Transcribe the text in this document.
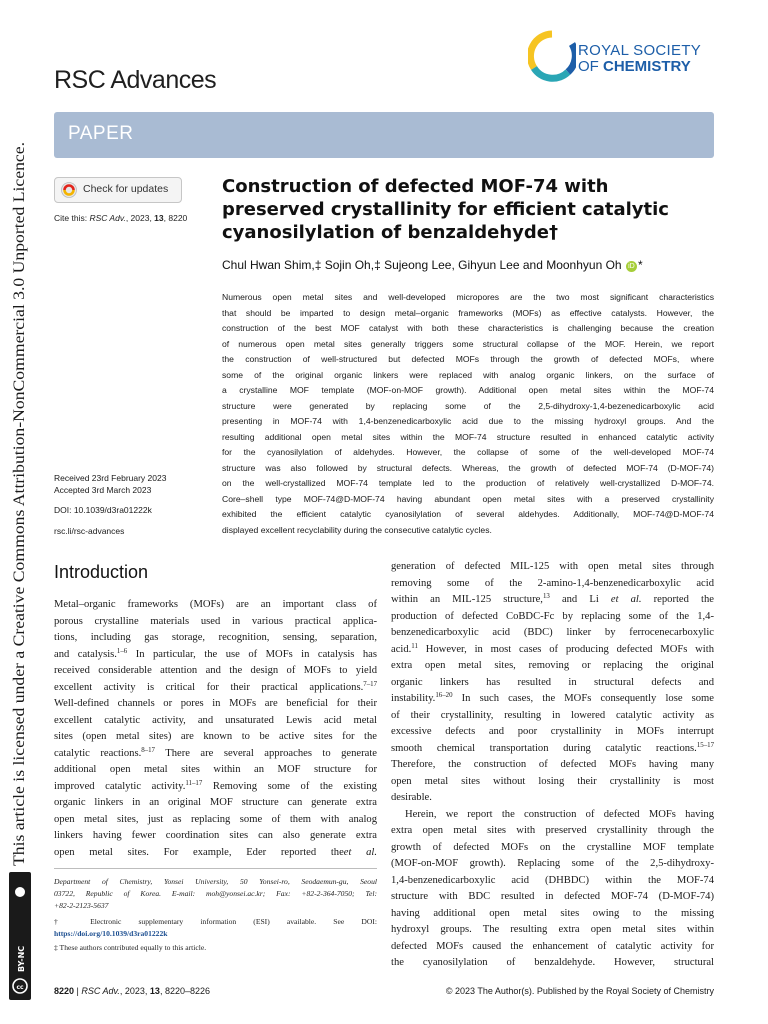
This article is licensed under a Creative Commons Attribution-NonCommercial 3.0 Unported Licence.
cc
BY-NC
RSC Advances
ROYAL SOCIETY
OF CHEMISTRY
PAPER
Check for updates
Cite this: RSC Adv., 2023, 13, 8220
Construction of defected MOF-74 with preserved crystallinity for efficient catalytic cyanosilylation of benzaldehyde†
Chul Hwan Shim,‡ Sojin Oh,‡ Sujeong Lee, Gihyun Lee and Moonhyun Oh iD *
Numerous open metal sites and well-developed micropores are the two most significant characteristics
that should be imparted to design metal–organic frameworks (MOFs) as effective catalysts. However, the
construction of the best MOF catalyst with both these characteristics is challenging because the creation
of numerous open metal sites generally triggers some structural collapse of the MOF. Herein, we report
the construction of well-structured but defected MOFs through the growth of defected MOFs, where
some of the original organic linkers were replaced with analog organic linkers, on the surface of
a crystalline MOF template (MOF-on-MOF growth). Additional open metal sites within the MOF-74
structure were generated by replacing some of the 2,5-dihydroxy-1,4-bezenedicarboxylic acid
presenting in MOF-74 with 1,4-benzenedicarboxylic acid due to the missing hydroxyl groups. And the
resulting additional open metal sites within the MOF-74 structure resulted in enhanced catalytic activity
for the cyanosilylation of aldehydes. However, the collapse of some of the well-developed MOF-74
structure was also followed by structural defects. Whereas, the growth of defected MOF-74 (D-MOF-74)
on the well-crystallized MOF-74 template led to the production of relatively well-crystallized D-MOF-74.
Core–shell type MOF-74@D-MOF-74 having abundant open metal sites with a preserved crystallinity
exhibited the efficient catalytic cyanosilylation of several aldehydes. Additionally, MOF-74@D-MOF-74
displayed excellent recyclability during the consecutive catalytic cycles.
Received 23rd February 2023
Accepted 3rd March 2023
DOI: 10.1039/d3ra01222k
rsc.li/rsc-advances
Introduction
Metal–organic frameworks (MOFs) are an important class of
porous crystalline materials used in various practical applica-
tions, including gas storage, recognition, sensing, separation,
and catalysis.$^{1-6}$ In particular, the use of MOFs in catalysis has
received considerable attention and the design of MOFs to yield
excellent activity is critical for their practical applications.$^{7-17}$
Well-defined channels or pores in MOFs are beneficial for their
excellent catalytic activity, and unsaturated Lewis acid metal
sites (open metal sites) are known to be active sites for the
catalytic reactions.$^{8-17}$ There are several approaches to generate
additional open metal sites within an MOF structure for
improved catalytic activity.$^{11-17}$ Removing some of the existing
organic linkers in an original MOF structure can generate extra
open metal sites, just as replacing some of them with analog
linkers having fewer coordination sites can also generate extra
open metal sites. For example, Eder reported theet al.
generation of defected MIL-125 with open metal sites through
removing some of the 2-amino-1,4-benzenedicarboxylic acid
within an MIL-125 structure,$^{13}$ and Li et al. reported the
production of defected CoBDC-Fc by replacing some of the 1,4-
benzenedicarboxylic acid (BDC) linker by ferrocenecarboxylic
acid.$^{11}$ However, in most cases of producing defected MOFs with
extra open metal sites, removing or replacing the original
organic linkers has resulted in structural defects and
instability.$^{16-20}$ In such cases, the MOFs consequently lose some
of their crystallinity, resulting in lowered catalytic activity as
excessive defects and poor crystallinity in MOFs interrupt
smooth chemical transportation during catalytic reactions.$^{15-17}$
Therefore, the construction of defected MOFs having many
open metal sites without losing their crystallinity is most
desirable.
Herein, we report the construction of defected MOFs having
extra open metal sites with preserved crystallinity through the
growth of defected MOFs on the crystalline MOF template
(MOF-on-MOF growth). Replacing some of the 2,5-dihydroxy-
1,4-benzenedicarboxylic acid (DHBDC) within the MOF-74
structure with BDC resulted in defected MOF-74 (D-MOF-74)
having additional open metal sites owing to the missing
hydroxyl groups. The resulting extra open metal sites within
defected MOFs caused the enhancement of catalytic activity for
the cyanosilylation of benzaldehyde. However, structural
Department of Chemistry, Yonsei University, 50 Yonsei-ro, Seodaemun-gu, Seoul
03722, Republic of Korea. E-mail: moh@yonsei.ac.kr; Fax: +82-2-364-7050; Tel:
+82-2-2123-5637
† Electronic supplementary information (ESI) available. See DOI:
https://doi.org/10.1039/d3ra01222k
‡ These authors contributed equally to this article.
8220 | RSC Adv., 2023, 13, 8220–8226	© 2023 The Author(s). Published by the Royal Society of Chemistry
